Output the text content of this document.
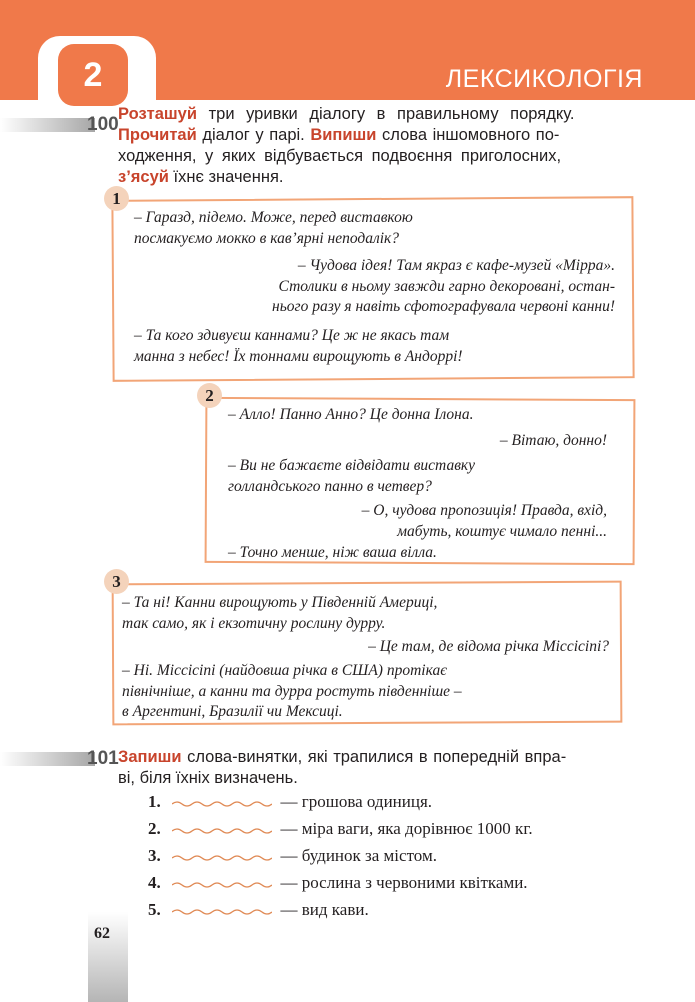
2	ЛЕКСИКОЛОГІЯ
100 Розташуй три уривки діалогу в правильному порядку.
Прочитай діалог у парі. Випиши слова іншомовного по-
ходження, у яких відбувається подвоєння приголосних,
з’ясуй їхнє значення.
1
– Гаразд, підемо. Може, перед виставкою
посмакуємо мокко в кав’ярні неподалік?
– Чудова ідея! Там якраз є кафе-музей «Мірра».
Столики в ньому завжди гарно декоровані, остан-
нього разу я навіть сфотографувала червоні канни!
– Та кого здивуєш каннами? Це ж не якась там
манна з небес! Їх тоннами вирощують в Андоррі!
2
– Алло! Панно Анно? Це донна Ілона.
– Вітаю, донно!
– Ви не бажаєте відвідати виставку
голландського панно в четвер?
– О, чудова пропозиція! Правда, вхід,
мабуть, коштує чимало пенні...
– Точно менше, ніж ваша вілла.
3
– Та ні! Канни вирощують у Південній Америці,
так само, як і екзотичну рослину дурру.
– Це там, де відома річка Міссісіпі?
– Ні. Міссісіпі (найдовша річка в США) протікає
північніше, а канни та дурра ростуть південніше –
в Аргентині, Бразилії чи Мексиці.
101 Запиши слова-винятки, які трапилися в попередній впра-
ві, біля їхніх визначень.
1.	— грошова одиниця.
2.	— міра ваги, яка дорівнює 1000 кг.
3.	— будинок за містом.
4.	— рослина з червоними квітками.
5.	— вид кави.
62
